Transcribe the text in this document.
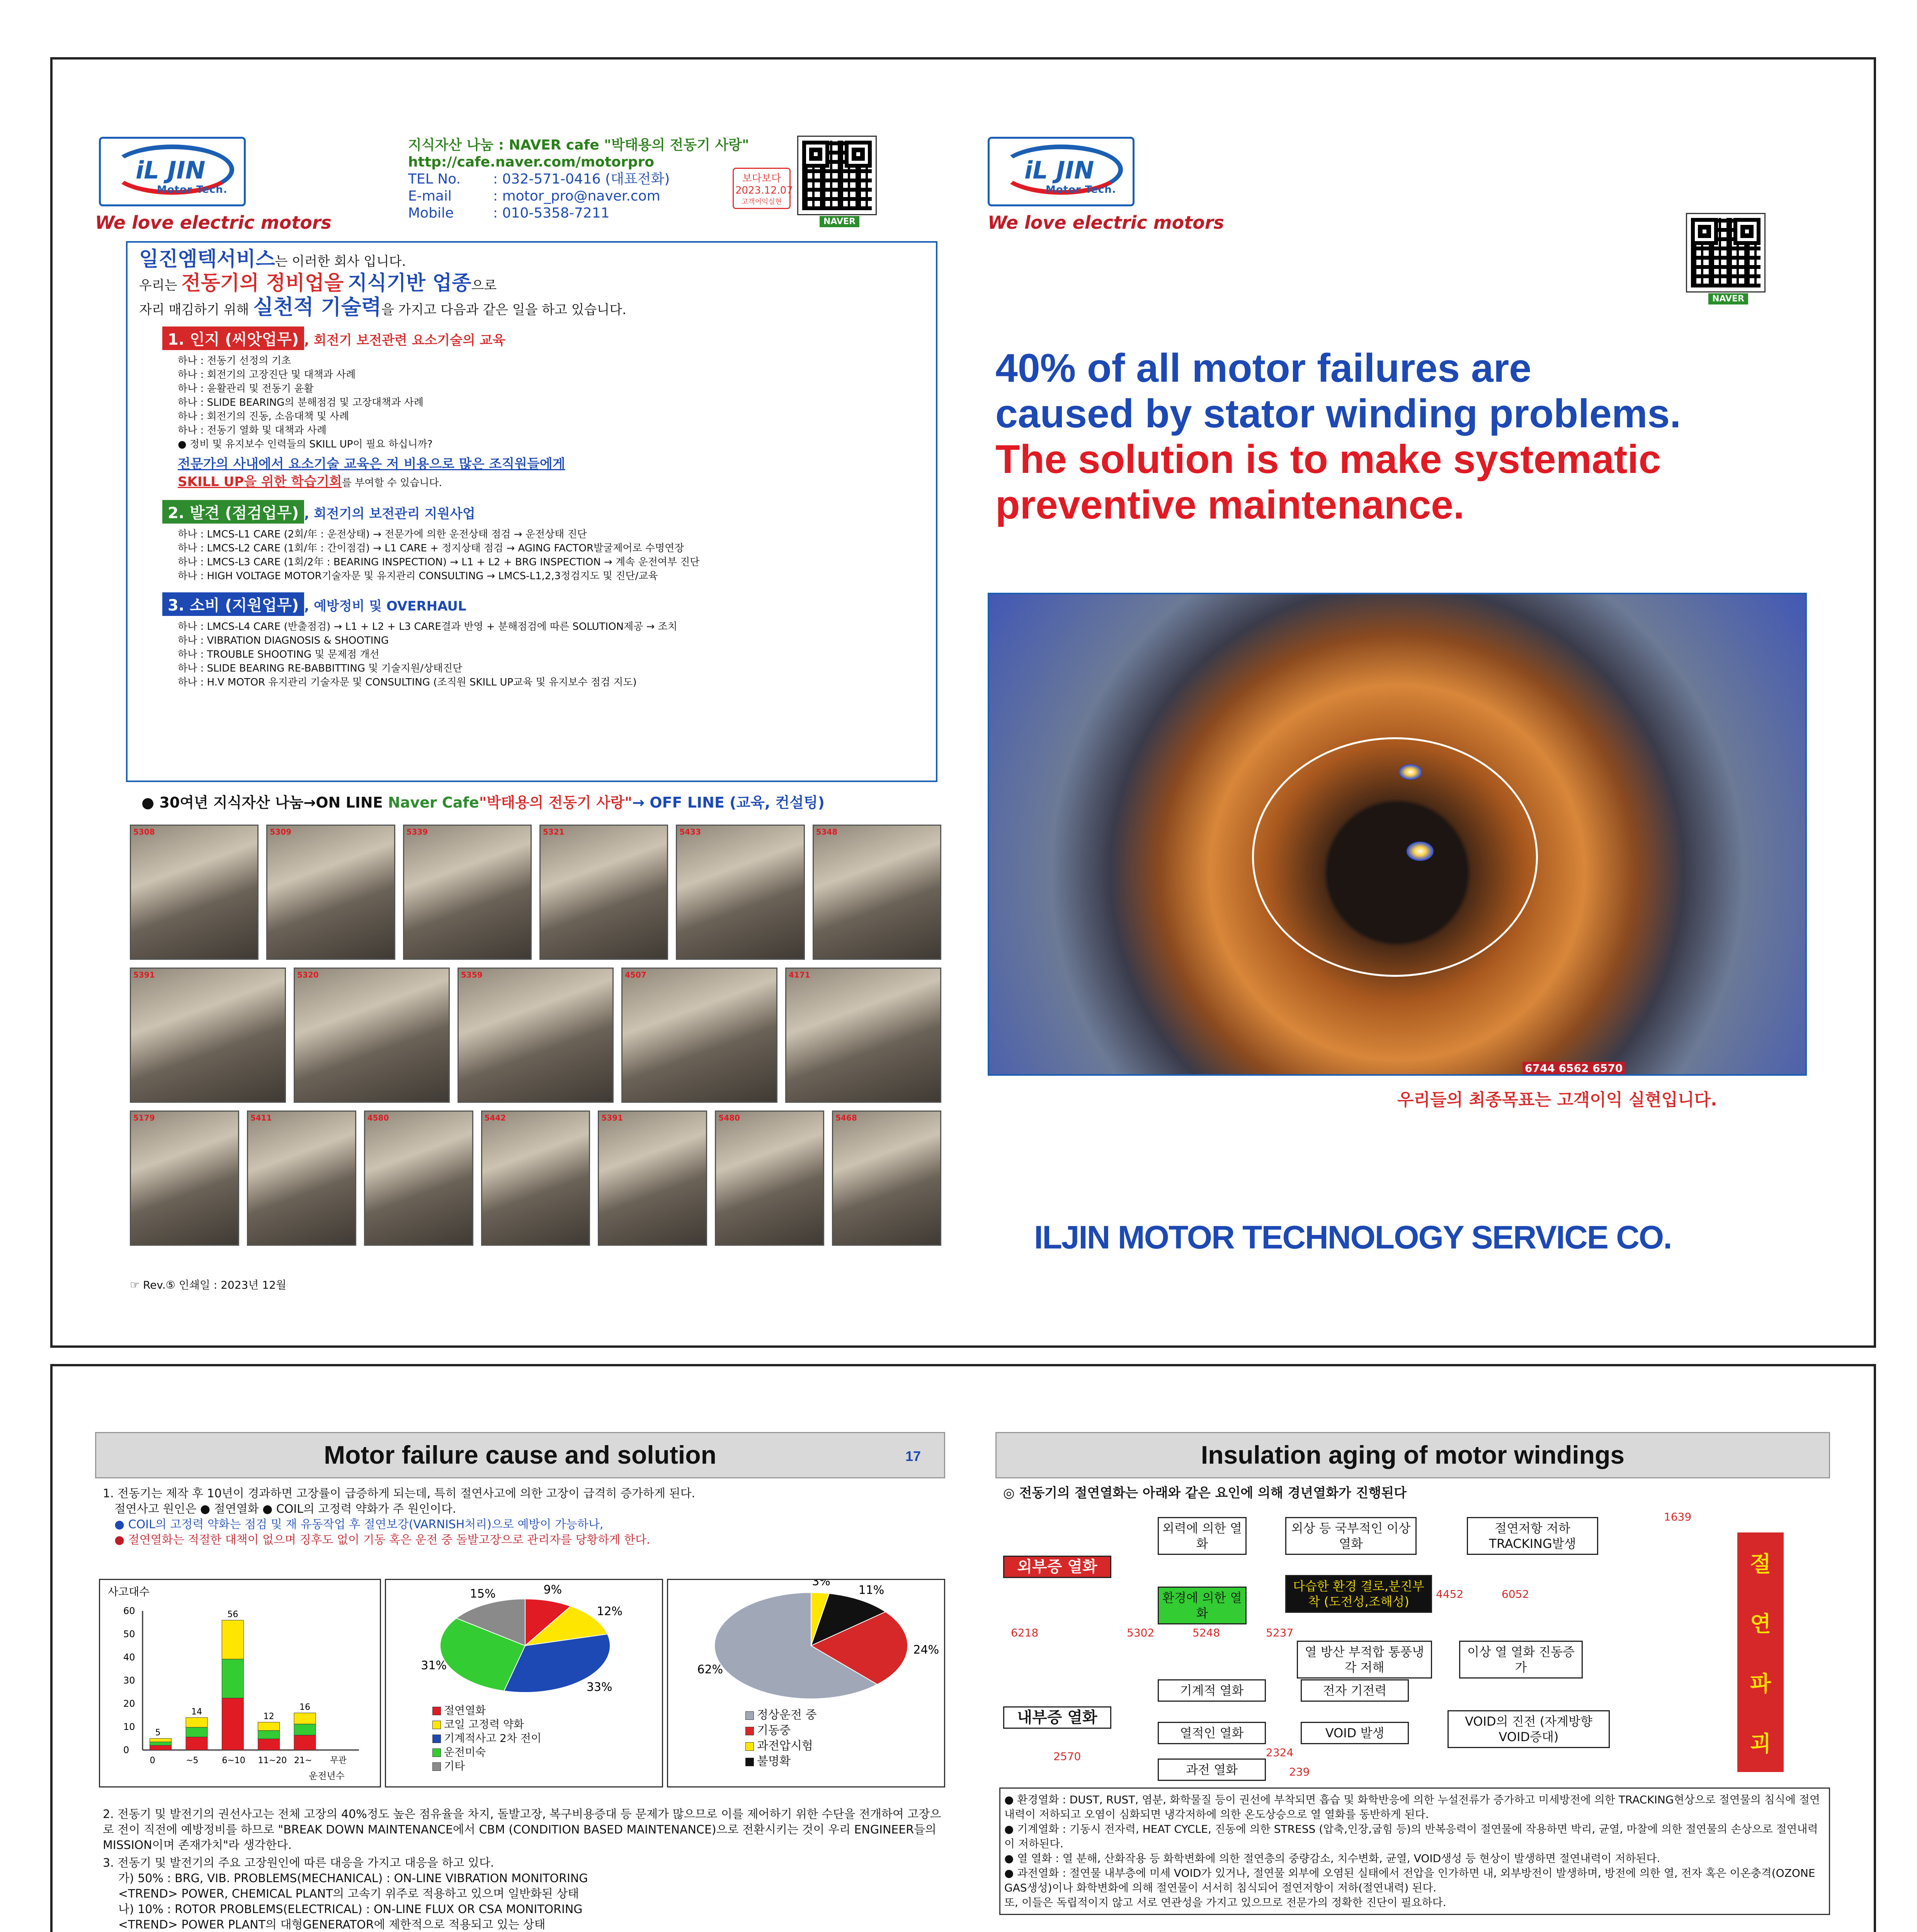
iL JIN
Motor Tech.
We love electric motors
지식자산 나눔 : NAVER cafe "박태용의 전동기 사랑"
http://cafe.naver.com/motorpro
TEL No. : 032-571-0416 (대표전화)
E-mail	: motor_pro@naver.com
Mobile	: 010-5358-7211
보다보다
2023.12.07
고객이익실현
NAVER
일진엠텍서비스는 이러한 회사 입니다.
우리는 전동기의 정비업을 지식기반 업종으로
자리 매김하기 위해 실천적 기술력을 가지고 다음과 같은 일을 하고 있습니다.
1. 인지 (씨앗업무) , 회전기 보전관련 요소기술의 교육
하나 : 전동기 선정의 기초
하나 : 회전기의 고장진단 및 대책과 사례
하나 : 윤활관리 및 전동기 윤활
하나 : SLIDE BEARING의 분해점검 및 고장대책과 사례
하나 : 회전기의 진동, 소음대책 및 사례
하나 : 전동기 열화 및 대책과 사례
● 정비 및 유지보수 인력들의 SKILL UP이 필요 하십니까?
전문가의 사내에서 요소기술 교육은 저 비용으로 많은 조직원들에게
SKILL UP을 위한 학습기회를 부여할 수 있습니다.
2. 발견 (점검업무) , 회전기의 보전관리 지원사업
하나 : LMCS-L1 CARE (2회/年 : 운전상태) → 전문가에 의한 운전상태 점검 → 운전상태 진단
하나 : LMCS-L2 CARE (1회/年 : 간이점검) → L1 CARE + 정지상태 점검 → AGING FACTOR발굴제어로 수명연장
하나 : LMCS-L3 CARE (1회/2年 : BEARING INSPECTION) → L1 + L2 + BRG INSPECTION → 계속 운전여부 진단
하나 : HIGH VOLTAGE MOTOR기술자문 및 유지관리 CONSULTING → LMCS-L1,2,3정검지도 및 진단/교육
3. 소비 (지원업무) , 예방정비 및 OVERHAUL
하나 : LMCS-L4 CARE (반출점검) → L1 + L2 + L3 CARE결과 반영 + 분해점검에 따른 SOLUTION제공 → 조치
하나 : VIBRATION DIAGNOSIS & SHOOTING
하나 : TROUBLE SHOOTING 및 문제점 개선
하나 : SLIDE BEARING RE-BABBITTING 및 기술지원/상태진단
하나 : H.V MOTOR 유지관리 기술자문 및 CONSULTING (조직원 SKILL UP교육 및 유지보수 점검 지도)
● 30여년 지식자산 나눔→ON LINE Naver Cafe"박태용의 전동기 사랑"→ OFF LINE (교육, 컨설팅)
5308	5309	5339	5321	5433	5348
5391	5320	5359	4507	4171
5179	5411	4580	5442	5391	5480	5468
☞ Rev.⑤ 인쇄일 : 2023년 12월
iL JIN
Motor Tech.
We love electric motors
NAVER
40% of all motor failures are
caused by stator winding problems.
The solution is to make systematic
preventive maintenance.
6744 6562 6570
우리들의 최종목표는 고객이익 실현입니다.
ILJIN MOTOR TECHNOLOGY SERVICE CO.
Motor failure cause and solution	17
1. 전동기는 제작 후 10년이 경과하면 고장률이 급증하게 되는데, 특히 절연사고에 의한 고장이 급격히 증가하게 된다.
절연사고 원인은 ● 절연열화 ● COIL의 고정력 약화가 주 원인이다.
● COIL의 고정력 약화는 점검 및 재 유동작업 후 절연보강(VARNISH처리)으로 예방이 가능하나,
● 절연열화는 적절한 대책이 없으며 징후도 없이 기동 혹은 운전 중 돌발고장으로 관리자를 당황하게 한다.
사고대수
0
10
20
30
40
50
60
5
0
14
~5
56
6~10
12
11~20
16
21~ 무관
운전년수
9%
12%
33%
31%
15%
절연열화
코일 고정력 약화
기계적사고 2차 전이
운전미숙
기타
3%
11%
24%
62%
정상운전 중
기동중
과전압시험
불명확
2. 전동기 및 발전기의 권선사고는 전체 고장의 40%정도 높은 점유율을 차지, 돌발고장, 복구비용증대 등 문제가 많으므로 이를 제어하기 위한 수단을 전개하여 고장으로 전이 직전에 예방정비를 하므로 "BREAK DOWN MAINTENANCE에서 CBM (CONDITION BASED MAINTENANCE)으로 전환시키는 것이 우리 ENGINEER들의 MISSION이며 존재가치"라 생각한다.
3. 전동기 및 발전기의 주요 고장원인에 따른 대응을 가지고 대응을 하고 있다.
가) 50% : BRG, VIB. PROBLEMS(MECHANICAL) : ON-LINE VIBRATION MONITORING
<TREND> POWER, CHEMICAL PLANT의 고속기 위주로 적용하고 있으며 일반화된 상태
나) 10% : ROTOR PROBLEMS(ELECTRICAL) : ON-LINE FLUX OR CSA MONITORING
<TREND> POWER PLANT의 대형GENERATOR에 제한적으로 적용되고 있는 상태
Insulation aging of motor windings
◎ 전동기의 절연열화는 아래와 같은 요인에 의해 경년열화가 진행된다
외부증 열화
내부증 열화
외력에 의한 열화
외상 등 국부적인 이상열화
절연저항 저하 TRACKING발생
환경에 의한 열화
다습한 환경 결로,분진부착 (도전성,조해성)
열 방산 부적합 통풍냉각 저해
이상 열 열화 진동증가
기계적 열화	전자 기전력
열적인 열화	VOID 발생
VOID의 진전 (자계방향 VOID증대)
과전 열화
절
연
파
괴
1639
4452	6052
6218	5302	5248	5237
2324
2570
239
● 환경열화 : DUST, RUST, 염분, 화학물질 등이 권선에 부착되면 흡습 및 화학반응에 의한 누설전류가 증가하고 미세방전에 의한 TRACKING현상으로 절연물의 침식에 절연내력이 저하되고 오염이 심화되면 냉각저하에 의한 온도상승으로 열 열화를 동반하게 된다.
● 기계열화 : 기동시 전자력, HEAT CYCLE, 진동에 의한 STRESS (압축,인장,굽힘 등)의 반복응력이 절연물에 작용하면 박리, 균열, 마찰에 의한 절연물의 손상으로 절연내력이 저하된다.
● 열 열화 : 열 분해, 산화작용 등 화학변화에 의한 절연층의 중량감소, 치수변화, 균열, VOID생성 등 현상이 발생하면 절연내력이 저하된다.
● 과전열화 : 절연물 내부층에 미세 VOID가 있거나, 절연물 외부에 오염된 실태에서 전압을 인가하면 내, 외부방전이 발생하며, 방전에 의한 열, 전자 혹은 이온충격(OZONE GAS생성)이나 화학변화에 의해 절연물이 서서히 침식되어 절연저항이 저하(절연내력) 된다.
또, 이들은 독립적이지 않고 서로 연관성을 가지고 있으므로 전문가의 정확한 진단이 필요하다.
